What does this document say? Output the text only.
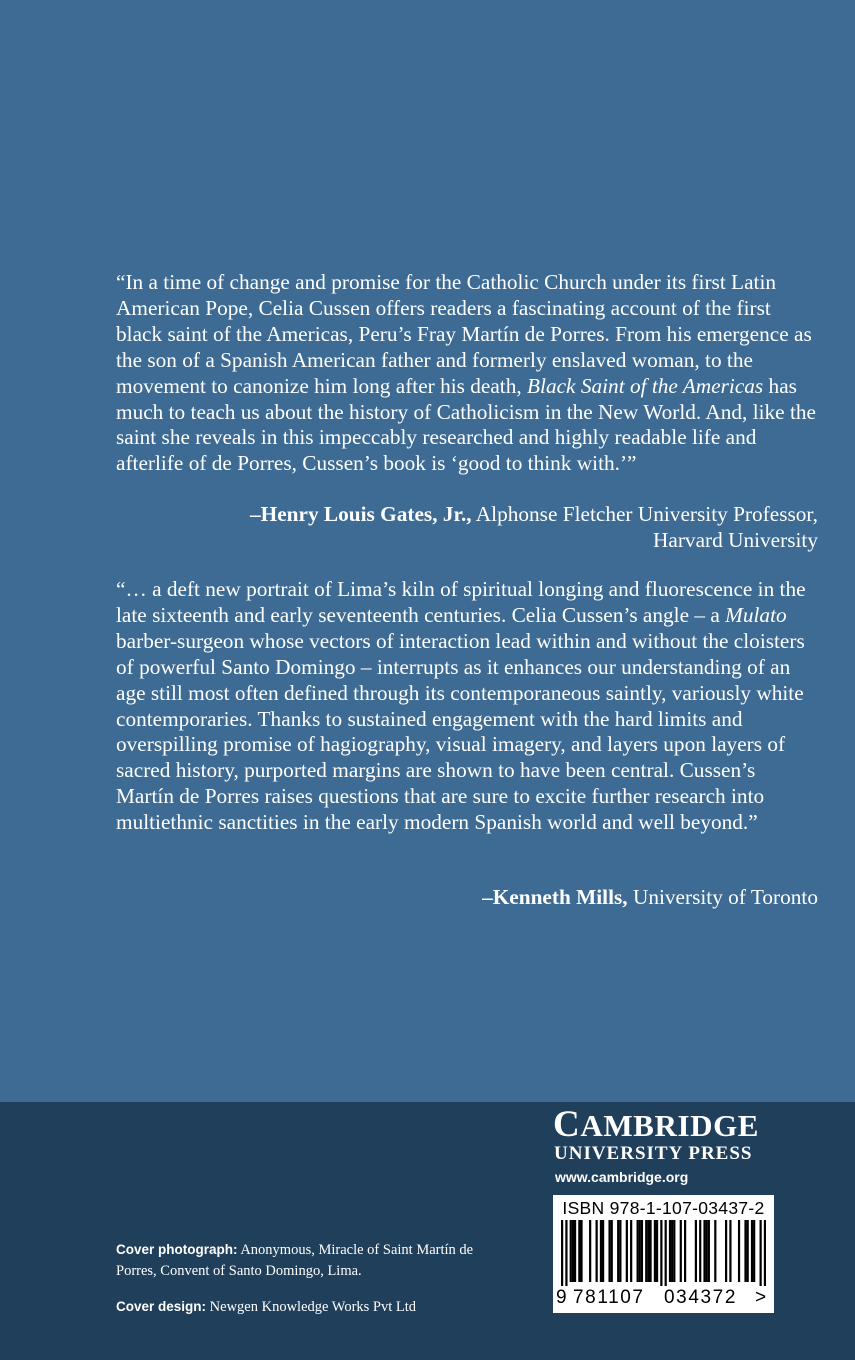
“In a time of change and promise for the Catholic Church under its first Latin American Pope, Celia Cussen offers readers a fascinating account of the first black saint of the Americas, Peru’s Fray Martín de Porres. From his emergence as the son of a Spanish American father and formerly enslaved woman, to the movement to canonize him long after his death, Black Saint of the Americas has much to teach us about the history of Catholicism in the New World. And, like the saint she reveals in this impeccably researched and highly readable life and afterlife of de Porres, Cussen’s book is ‘good to think with.’”
–Henry Louis Gates, Jr., Alphonse Fletcher University Professor,
Harvard University
“… a deft new portrait of Lima’s kiln of spiritual longing and fluorescence in the late sixteenth and early seventeenth centuries. Celia Cussen’s angle – a Mulato barber-surgeon whose vectors of interaction lead within and without the cloisters of powerful Santo Domingo – interrupts as it enhances our understanding of an age still most often defined through its contemporaneous saintly, variously white contemporaries. Thanks to sustained engagement with the hard limits and overspilling promise of hagiography, visual imagery, and layers upon layers of sacred history, purported margins are shown to have been central. Cussen’s Martín de Porres raises questions that are sure to excite further research into multiethnic sanctities in the early modern Spanish world and well beyond.”
–Kenneth Mills, University of Toronto
CAMBRIDGE
UNIVERSITY PRESS
www.cambridge.org
ISBN 978-1-107-03437-2
9 781107 034372 >
Cover photograph: Anonymous, Miracle of Saint Martín de Porres, Convent of Santo Domingo, Lima.
Cover design: Newgen Knowledge Works Pvt Ltd
